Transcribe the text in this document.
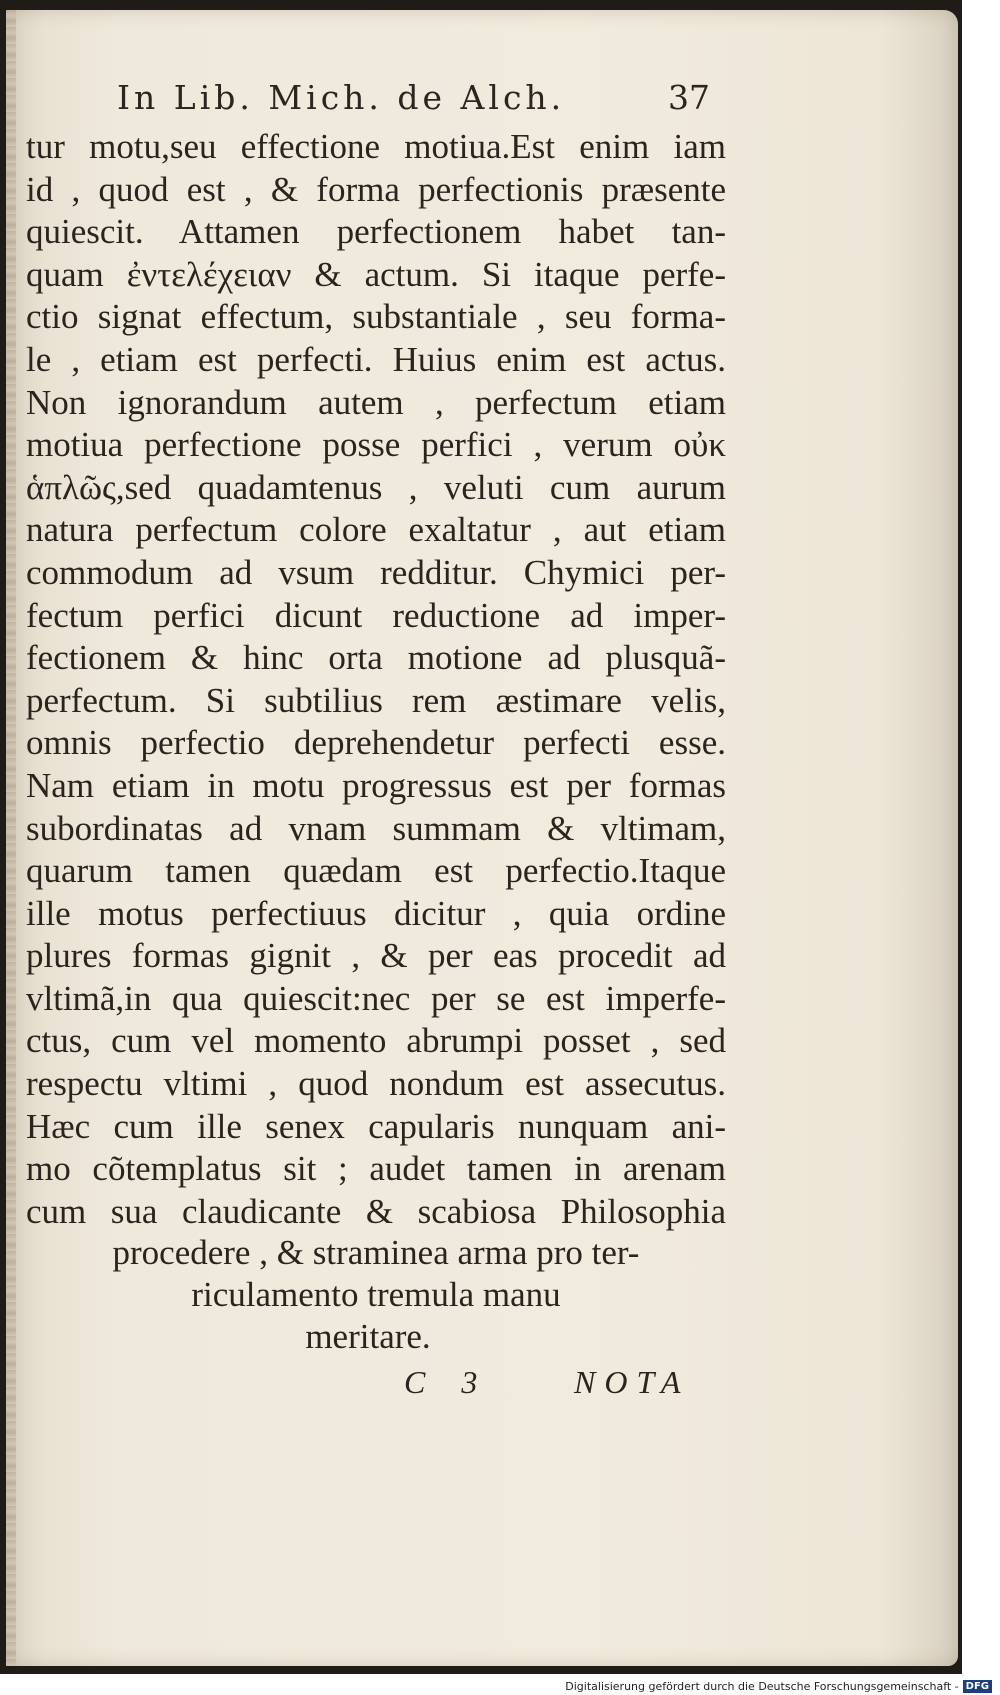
In Lib. Mich. de Alch.	37
tur motu,seu effectione motiua.Est enim iam
id , quod est , & forma perfectionis præsente
quiescit. Attamen perfectionem habet tan-
quam ἐντελέχειαν & actum. Si itaque perfe-
ctio signat effectum, substantiale , seu forma-
le , etiam est perfecti. Huius enim est actus.
Non ignorandum autem , perfectum etiam
motiua perfectione posse perfici , verum οὐκ
ἁπλῶς,sed quadamtenus , veluti cum aurum
natura perfectum colore exaltatur , aut etiam
commodum ad vsum redditur. Chymici per-
fectum perfici dicunt reductione ad imper-
fectionem & hinc orta motione ad plusquã-
perfectum. Si subtilius rem æstimare velis,
omnis perfectio deprehendetur perfecti esse.
Nam etiam in motu progressus est per formas
subordinatas ad vnam summam & vltimam,
quarum tamen quædam est perfectio.Itaque
ille motus perfectiuus dicitur , quia ordine
plures formas gignit , & per eas procedit ad
vltimã,in qua quiescit:nec per se est imperfe-
ctus, cum vel momento abrumpi posset , sed
respectu vltimi , quod nondum est assecutus.
Hæc cum ille senex capularis nunquam ani-
mo cõtemplatus sit ; audet tamen in arenam
cum sua claudicante & scabiosa Philosophia
procedere , & straminea arma pro ter-
riculamento tremula manu
meritare.
C 3	NOTA
Digitalisierung gefördert durch die Deutsche Forschungsgemeinschaft - DFG
